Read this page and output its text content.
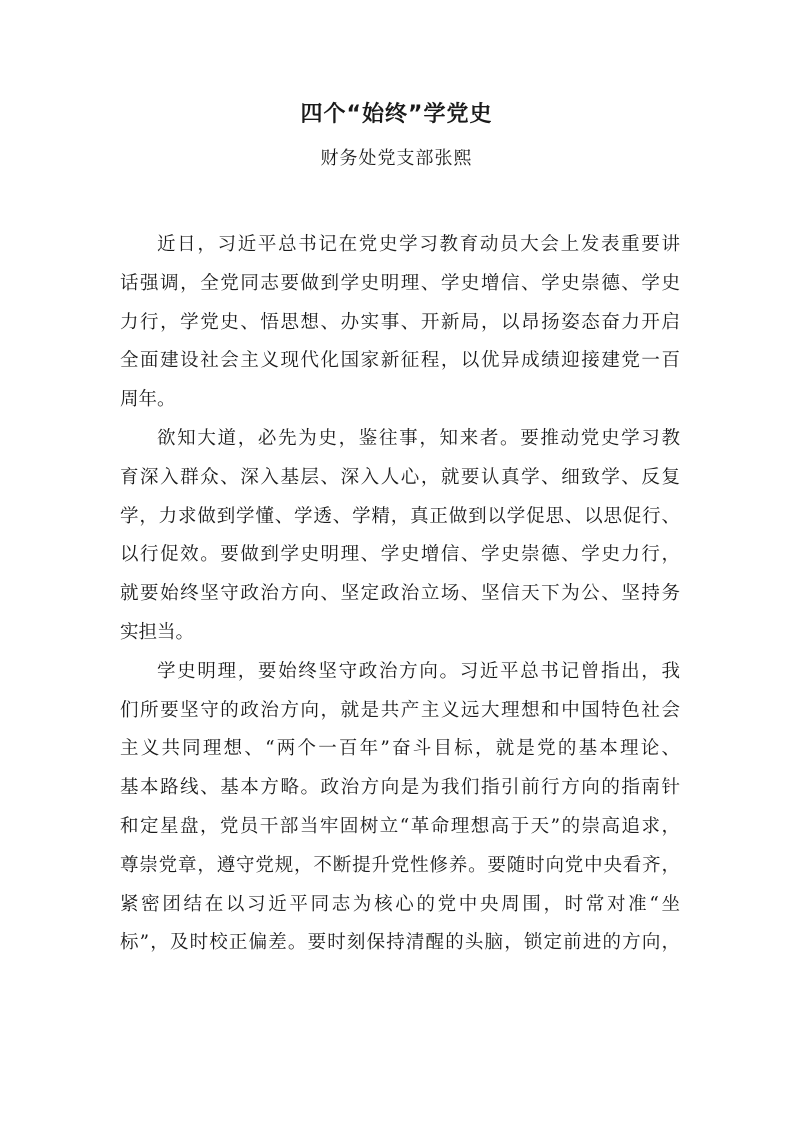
四个“始终”学党史
财务处党支部张熙
近日，习近平总书记在党史学习教育动员大会上发表重要讲
话强调，全党同志要做到学史明理、学史增信、学史崇德、学史
力行，学党史、悟思想、办实事、开新局，以昂扬姿态奋力开启
全面建设社会主义现代化国家新征程，以优异成绩迎接建党一百
周年。
欲知大道，必先为史，鉴往事，知来者。要推动党史学习教
育深入群众、深入基层、深入人心，就要认真学、细致学、反复
学，力求做到学懂、学透、学精，真正做到以学促思、以思促行、
以行促效。要做到学史明理、学史增信、学史崇德、学史力行，
就要始终坚守政治方向、坚定政治立场、坚信天下为公、坚持务
实担当。
学史明理，要始终坚守政治方向。习近平总书记曾指出，我
们所要坚守的政治方向，就是共产主义远大理想和中国特色社会
主义共同理想、“两个一百年”奋斗目标，就是党的基本理论、
基本路线、基本方略。政治方向是为我们指引前行方向的指南针
和定星盘，党员干部当牢固树立“革命理想高于天”的崇高追求，
尊崇党章，遵守党规，不断提升党性修养。要随时向党中央看齐，
紧密团结在以习近平同志为核心的党中央周围，时常对准“坐
标”，及时校正偏差。要时刻保持清醒的头脑，锁定前进的方向，
